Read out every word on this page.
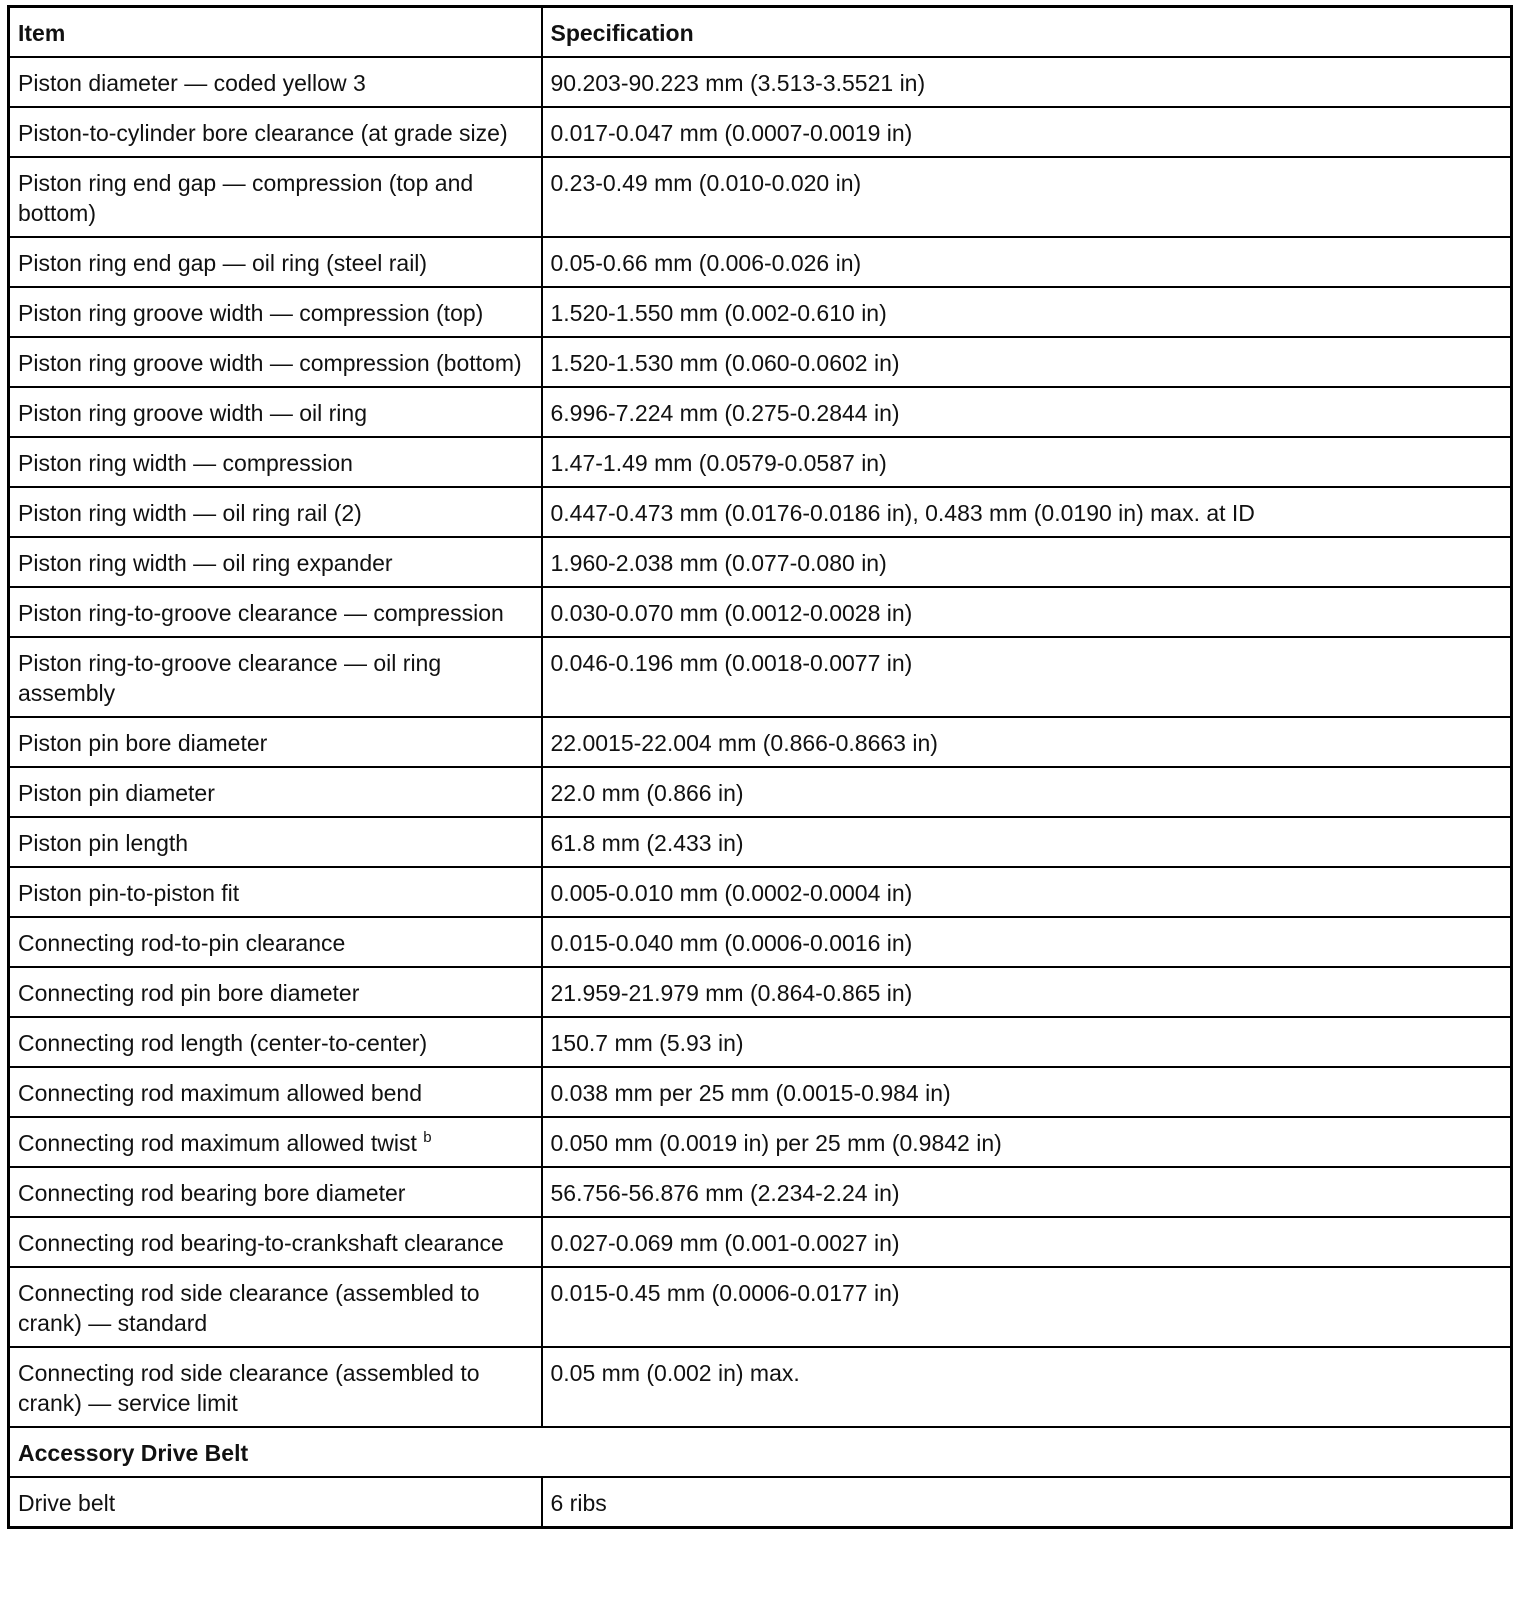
Item	Specification
Piston diameter — coded yellow 3	90.203-90.223 mm (3.513-3.5521 in)
Piston-to-cylinder bore clearance (at grade size)	0.017-0.047 mm (0.0007-0.0019 in)
Piston ring end gap — compression (top and bottom)	0.23-0.49 mm (0.010-0.020 in)
Piston ring end gap — oil ring (steel rail)	0.05-0.66 mm (0.006-0.026 in)
Piston ring groove width — compression (top)	1.520-1.550 mm (0.002-0.610 in)
Piston ring groove width — compression (bottom)	1.520-1.530 mm (0.060-0.0602 in)
Piston ring groove width — oil ring	6.996-7.224 mm (0.275-0.2844 in)
Piston ring width — compression	1.47-1.49 mm (0.0579-0.0587 in)
Piston ring width — oil ring rail (2)	0.447-0.473 mm (0.0176-0.0186 in), 0.483 mm (0.0190 in) max. at ID
Piston ring width — oil ring expander	1.960-2.038 mm (0.077-0.080 in)
Piston ring-to-groove clearance — compression	0.030-0.070 mm (0.0012-0.0028 in)
Piston ring-to-groove clearance — oil ring assembly	0.046-0.196 mm (0.0018-0.0077 in)
Piston pin bore diameter	22.0015-22.004 mm (0.866-0.8663 in)
Piston pin diameter	22.0 mm (0.866 in)
Piston pin length	61.8 mm (2.433 in)
Piston pin-to-piston fit	0.005-0.010 mm (0.0002-0.0004 in)
Connecting rod-to-pin clearance	0.015-0.040 mm (0.0006-0.0016 in)
Connecting rod pin bore diameter	21.959-21.979 mm (0.864-0.865 in)
Connecting rod length (center-to-center)	150.7 mm (5.93 in)
Connecting rod maximum allowed bend	0.038 mm per 25 mm (0.0015-0.984 in)
Connecting rod maximum allowed twist $^b$	0.050 mm (0.0019 in) per 25 mm (0.9842 in)
Connecting rod bearing bore diameter	56.756-56.876 mm (2.234-2.24 in)
Connecting rod bearing-to-crankshaft clearance	0.027-0.069 mm (0.001-0.0027 in)
Connecting rod side clearance (assembled to crank) — standard	0.015-0.45 mm (0.0006-0.0177 in)
Connecting rod side clearance (assembled to crank) — service limit	0.05 mm (0.002 in) max.
Accessory Drive Belt	
Drive belt	6 ribs
